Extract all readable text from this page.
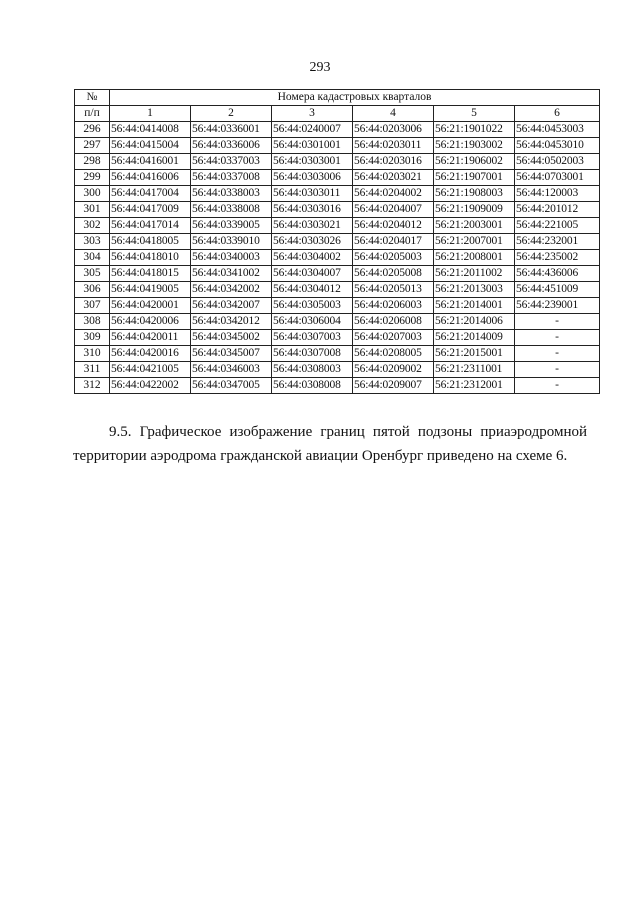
293
№	Номера кадастровых кварталов					
п/п	1	2	3	4	5	6
296	56:44:0414008	56:44:0336001	56:44:0240007	56:44:0203006	56:21:1901022	56:44:0453003
297	56:44:0415004	56:44:0336006	56:44:0301001	56:44:0203011	56:21:1903002	56:44:0453010
298	56:44:0416001	56:44:0337003	56:44:0303001	56:44:0203016	56:21:1906002	56:44:0502003
299	56:44:0416006	56:44:0337008	56:44:0303006	56:44:0203021	56:21:1907001	56:44:0703001
300	56:44:0417004	56:44:0338003	56:44:0303011	56:44:0204002	56:21:1908003	56:44:120003
301	56:44:0417009	56:44:0338008	56:44:0303016	56:44:0204007	56:21:1909009	56:44:201012
302	56:44:0417014	56:44:0339005	56:44:0303021	56:44:0204012	56:21:2003001	56:44:221005
303	56:44:0418005	56:44:0339010	56:44:0303026	56:44:0204017	56:21:2007001	56:44:232001
304	56:44:0418010	56:44:0340003	56:44:0304002	56:44:0205003	56:21:2008001	56:44:235002
305	56:44:0418015	56:44:0341002	56:44:0304007	56:44:0205008	56:21:2011002	56:44:436006
306	56:44:0419005	56:44:0342002	56:44:0304012	56:44:0205013	56:21:2013003	56:44:451009
307	56:44:0420001	56:44:0342007	56:44:0305003	56:44:0206003	56:21:2014001	56:44:239001
308	56:44:0420006	56:44:0342012	56:44:0306004	56:44:0206008	56:21:2014006	-
309	56:44:0420011	56:44:0345002	56:44:0307003	56:44:0207003	56:21:2014009	-
310	56:44:0420016	56:44:0345007	56:44:0307008	56:44:0208005	56:21:2015001	-
311	56:44:0421005	56:44:0346003	56:44:0308003	56:44:0209002	56:21:2311001	-
312	56:44:0422002	56:44:0347005	56:44:0308008	56:44:0209007	56:21:2312001	-

9.5. Графическое изображение границ пятой подзоны приаэродромной территории аэродрома гражданской авиации Оренбург приведено на схеме 6.
